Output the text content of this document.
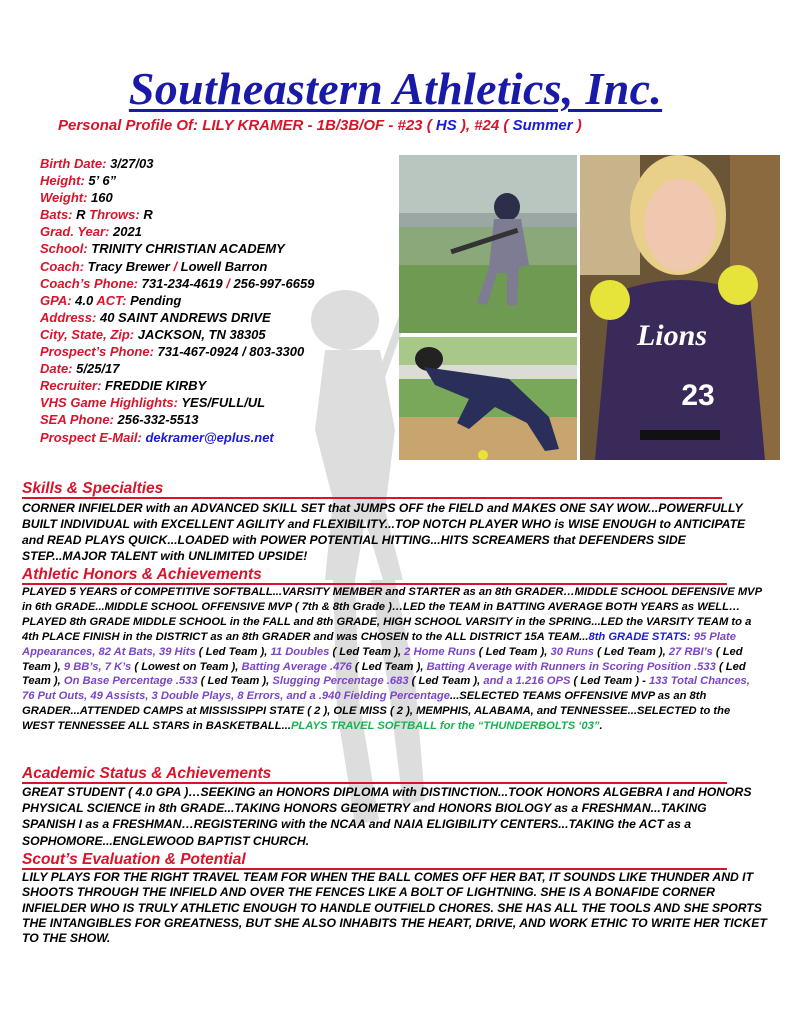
Southeastern Athletics, Inc.
Personal Profile Of: LILY KRAMER - 1B/3B/OF - #23 ( HS ), #24 ( Summer )
Birth Date: 3/27/03
Height: 5’ 6”
Weight: 160
Bats: R Throws: R
Grad. Year: 2021
School: TRINITY CHRISTIAN ACADEMY
Coach: Tracy Brewer / Lowell Barron
Coach’s Phone: 731-234-4619 / 256-997-6659
GPA: 4.0 ACT: Pending
Address: 40 SAINT ANDREWS DRIVE
City, State, Zip: JACKSON, TN 38305
Prospect’s Phone: 731-467-0924 / 803-3300
Date: 5/25/17
Recruiter: FREDDIE KIRBY
VHS Game Highlights: YES/FULL/UL
SEA Phone: 256-332-5513
Prospect E-Mail: dekramer@eplus.net
Lions
23
Skills & Specialties
CORNER INFIELDER with an ADVANCED SKILL SET that JUMPS OFF the FIELD and MAKES ONE SAY WOW...POWERFULLY BUILT INDIVIDUAL with EXCELLENT AGILITY and FLEXIBILITY...TOP NOTCH PLAYER WHO is WISE ENOUGH to ANTICIPATE and READ PLAYS QUICK...LOADED with POWER POTENTIAL HITTING...HITS SCREAMERS that DEFENDERS SIDE STEP...MAJOR TALENT with UNLIMITED UPSIDE!
Athletic Honors & Achievements
PLAYED 5 YEARS of COMPETITIVE SOFTBALL...VARSITY MEMBER and STARTER as an 8th GRADER…MIDDLE SCHOOL DEFENSIVE MVP in 6th GRADE...MIDDLE SCHOOL OFFENSIVE MVP ( 7th & 8th Grade )…LED the TEAM in BATTING AVERAGE BOTH YEARS as WELL…PLAYED 8th GRADE MIDDLE SCHOOL in the FALL and 8th GRADE, HIGH SCHOOL VARSITY in the SPRING...LED the VARSITY TEAM to a 4th PLACE FINISH in the DISTRICT as an 8th GRADER and was CHOSEN to the ALL DISTRICT 15A TEAM...8th GRADE STATS: 95 Plate Appearances, 82 At Bats, 39 Hits ( Led Team ), 11 Doubles ( Led Team ), 2 Home Runs ( Led Team ), 30 Runs ( Led Team ), 27 RBI’s ( Led Team ), 9 BB’s, 7 K’s ( Lowest on Team ), Batting Average .476 ( Led Team ), Batting Average with Runners in Scoring Position .533 ( Led Team ), On Base Percentage .533 ( Led Team ), Slugging Percentage .683 ( Led Team ), and a 1.216 OPS ( Led Team ) - 133 Total Chances, 76 Put Outs, 49 Assists, 3 Double Plays, 8 Errors, and a .940 Fielding Percentage...SELECTED TEAMS OFFENSIVE MVP as an 8th GRADER...ATTENDED CAMPS at MISSISSIPPI STATE ( 2 ), OLE MISS ( 2 ), MEMPHIS, ALABAMA, and TENNESSEE...SELECTED to the WEST TENNESSEE ALL STARS in BASKETBALL...PLAYS TRAVEL SOFTBALL for the “THUNDERBOLTS ‘03”.
Academic Status & Achievements
GREAT STUDENT ( 4.0 GPA )…SEEKING an HONORS DIPLOMA with DISTINCTION...TOOK HONORS ALGEBRA I and HONORS PHYSICAL SCIENCE in 8th GRADE...TAKING HONORS GEOMETRY and HONORS BIOLOGY as a FRESHMAN...TAKING SPANISH I as a FRESHMAN…REGISTERING with the NCAA and NAIA ELIGIBILITY CENTERS...TAKING the ACT as a SOPHOMORE...ENGLEWOOD BAPTIST CHURCH.
Scout’s Evaluation & Potential
LILY PLAYS FOR THE RIGHT TRAVEL TEAM FOR WHEN THE BALL COMES OFF HER BAT, IT SOUNDS LIKE THUNDER AND IT SHOOTS THROUGH THE INFIELD AND OVER THE FENCES LIKE A BOLT OF LIGHTNING. SHE IS A BONAFIDE CORNER INFIELDER WHO IS TRULY ATHLETIC ENOUGH TO HANDLE OUTFIELD CHORES. SHE HAS ALL THE TOOLS AND SHE SPORTS THE INTANGIBLES FOR GREATNESS, BUT SHE ALSO INHABITS THE HEART, DRIVE, AND WORK ETHIC TO WRITE HER TICKET TO THE SHOW.
